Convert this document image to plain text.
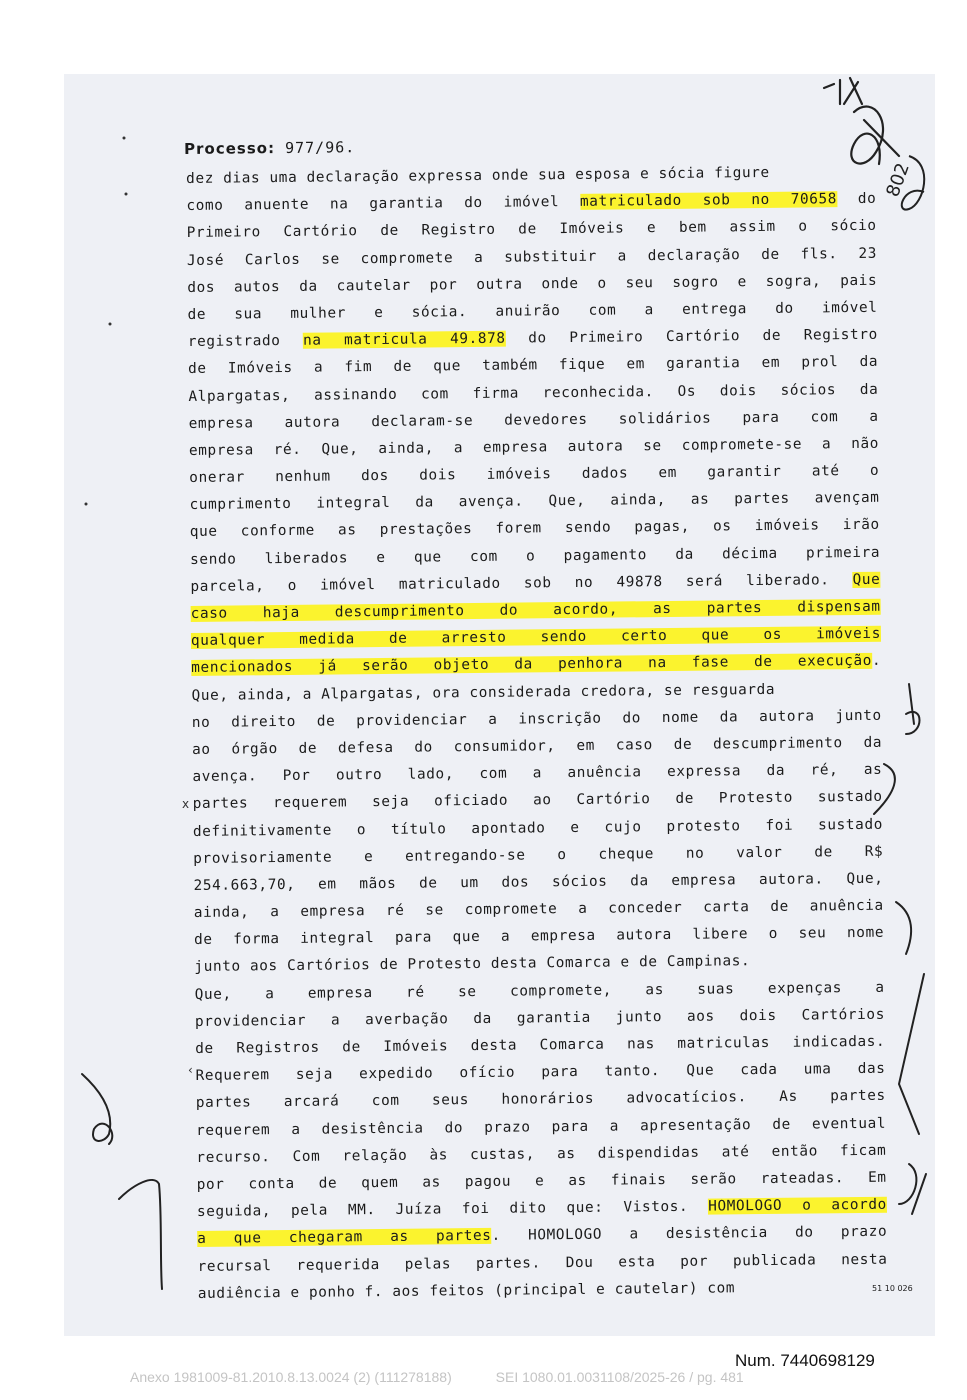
Processo: 977/96.
dez dias uma declaração expressa onde sua esposa e sócia figure
como anuente na garantia do imóvel matriculado sob no 70658 do
Primeiro Cartório de Registro de Imóveis e bem assim o sócio
José Carlos se compromete a substituir a declaração de fls. 23
dos autos da cautelar por outra onde o seu sogro e sogra, pais
de sua mulher e sócia. anuirão com a entrega do imóvel
registrado na matricula 49.878 do Primeiro Cartório de Registro
de Imóveis a fim de que também fique em garantia em prol da
Alpargatas, assinando com firma reconhecida. Os dois sócios da
empresa autora declaram-se devedores solidários para com a
empresa ré. Que, ainda, a empresa autora se compromete-se a não
onerar nenhum dos dois imóveis dados em garantir até o
cumprimento integral da avença. Que, ainda, as partes avençam
que conforme as prestações forem sendo pagas, os imóveis irão
sendo liberados e que com o pagamento da décima primeira
parcela, o imóvel matriculado sob no 49878 será liberado. Que
caso haja descumprimento do acordo, as partes dispensam
qualquer medida de arresto sendo certo que os imóveis
mencionados já serão objeto da penhora na fase de execução.
Que, ainda, a Alpargatas, ora considerada credora, se resguarda
no direito de providenciar a inscrição do nome da autora junto
ao órgão de defesa do consumidor, em caso de descumprimento da
avença. Por outro lado, com a anuência expressa da ré, as
partes requerem seja oficiado ao Cartório de Protesto sustado
definitivamente o título apontado e cujo protesto foi sustado
provisoriamente e entregando-se o cheque no valor de R$
254.663,70, em mãos de um dos sócios da empresa autora. Que,
ainda, a empresa ré se compromete a conceder carta de anuência
de forma integral para que a empresa autora libere o seu nome
junto aos Cartórios de Protesto desta Comarca e de Campinas.
Que, a empresa ré se compromete, as suas expenças a
providenciar a averbação da garantia junto aos dois Cartórios
de Registros de Imóveis desta Comarca nas matriculas indicadas.
Requerem seja expedido ofício para tanto. Que cada uma das
partes arcará com seus honorários advocatícios. As partes
requerem a desistência do prazo para a apresentação de eventual
recurso. Com relação às custas, as dispendidas até então ficam
por conta de quem as pagou e as finais serão rateadas. Em
seguida, pela MM. Juíza foi dito que: Vistos. HOMOLOGO o acordo
a que chegaram as partes. HOMOLOGO a desistência do prazo
recursal requerida pelas partes. Dou esta por publicada nesta
audiência e ponho f. aos feitos (principal e cautelar) com	51 10 026
802
x
‹
Num. 7440698129
Anexo 1981009-81.2010.8.13.0024 (2) (111278188)	SEI 1080.01.0031108/2025-26 / pg. 481
